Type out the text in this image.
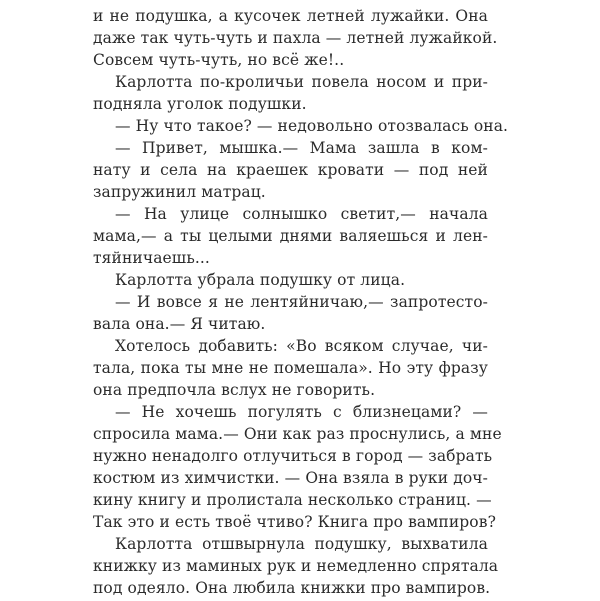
и не подушка, а кусочек летней лужайки. Она
даже так чуть-чуть и пахла — летней лужайкой.
Совсем чуть-чуть, но всё же!..
Карлотта по-кроличьи повела носом и при-
подняла уголок подушки.
— Ну что такое? — недовольно отозвалась она.
— Привет, мышка.— Мама зашла в ком-
нату и села на краешек кровати — под ней
запружинил матрац.
— На улице солнышко светит,— начала
мама,— а ты целыми днями валяешься и лен-
тяйничаешь...
Карлотта убрала подушку от лица.
— И вовсе я не лентяйничаю,— запротесто-
вала она.— Я читаю.
Хотелось добавить: «Во всяком случае, чи-
тала, пока ты мне не помешала». Но эту фразу
она предпочла вслух не говорить.
— Не хочешь погулять с близнецами? —
спросила мама.— Они как раз проснулись, а мне
нужно ненадолго отлучиться в город — забрать
костюм из химчистки. — Она взяла в руки доч-
кину книгу и пролистала несколько страниц. —
Так это и есть твоё чтиво? Книга про вампиров?
Карлотта отшвырнула подушку, выхватила
книжку из маминых рук и немедленно спрятала
под одеяло. Она любила книжки про вампиров.
